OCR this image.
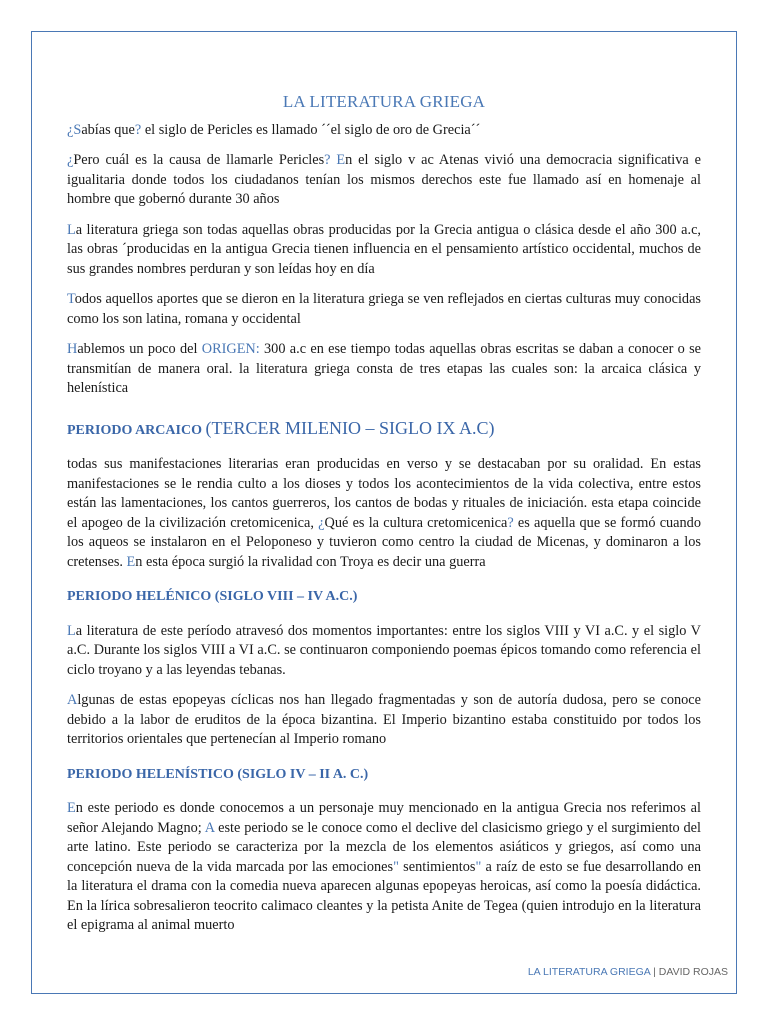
LA LITERATURA GRIEGA

¿Sabías que? el siglo de Pericles es llamado ´´el siglo de oro de Grecia´´

¿Pero cuál es la causa de llamarle Pericles? En el siglo v ac Atenas vivió una democracia significativa e igualitaria donde todos los ciudadanos tenían los mismos derechos este fue llamado así en homenaje al hombre que gobernó durante 30 años

La literatura griega son todas aquellas obras producidas por la Grecia antigua o clásica desde el año 300 a.c, las obras ´producidas en la antigua Grecia tienen influencia en el pensamiento artístico occidental, muchos de sus grandes nombres perduran y son leídas hoy en día

Todos aquellos aportes que se dieron en la literatura griega se ven reflejados en ciertas culturas muy conocidas como los son latina, romana y occidental

Hablemos un poco del ORIGEN: 300 a.c en ese tiempo todas aquellas obras escritas se daban a conocer o se transmitían de manera oral. la literatura griega consta de tres etapas las cuales son: la arcaica clásica y helenística

PERIODO ARCAICO (TERCER MILENIO – SIGLO IX A.C)

todas sus manifestaciones literarias eran producidas en verso y se destacaban por su oralidad. En estas manifestaciones se le rendia culto a los dioses y todos los acontecimientos de la vida colectiva, entre estos están las lamentaciones, los cantos guerreros, los cantos de bodas y rituales de iniciación. esta etapa coincide el apogeo de la civilización cretomicenica, ¿Qué es la cultura cretomicenica? es aquella que se formó cuando los aqueos se instalaron en el Peloponeso y tuvieron como centro la ciudad de Micenas, y dominaron a los cretenses. En esta época surgió la rivalidad con Troya es decir una guerra

PERIODO HELÉNICO (SIGLO VIII – IV A.C.)

La literatura de este período atravesó dos momentos importantes: entre los siglos VIII y VI a.C. y el siglo V a.C. Durante los siglos VIII a VI a.C. se continuaron componiendo poemas épicos tomando como referencia el ciclo troyano y a las leyendas tebanas.

Algunas de estas epopeyas cíclicas nos han llegado fragmentadas y son de autoría dudosa, pero se conoce debido a la labor de eruditos de la época bizantina. El Imperio bizantino estaba constituido por todos los territorios orientales que pertenecían al Imperio romano

PERIODO HELENÍSTICO (SIGLO IV – II A. C.)

En este periodo es donde conocemos a un personaje muy mencionado en la antigua Grecia nos referimos al señor Alejando Magno; A este periodo se le conoce como el declive del clasicismo griego y el surgimiento del arte latino. Este periodo se caracteriza por la mezcla de los elementos asiáticos y griegos, así como una concepción nueva de la vida marcada por las emociones" sentimientos" a raíz de esto se fue desarrollando en la literatura el drama con la comedia nueva aparecen algunas epopeyas heroicas, así como la poesía didáctica. En la lírica sobresalieron teocrito calimaco cleantes y la petista Anite de Tegea (quien introdujo en la literatura el epigrama al animal muerto

LA LITERATURA GRIEGA | DAVID ROJAS
